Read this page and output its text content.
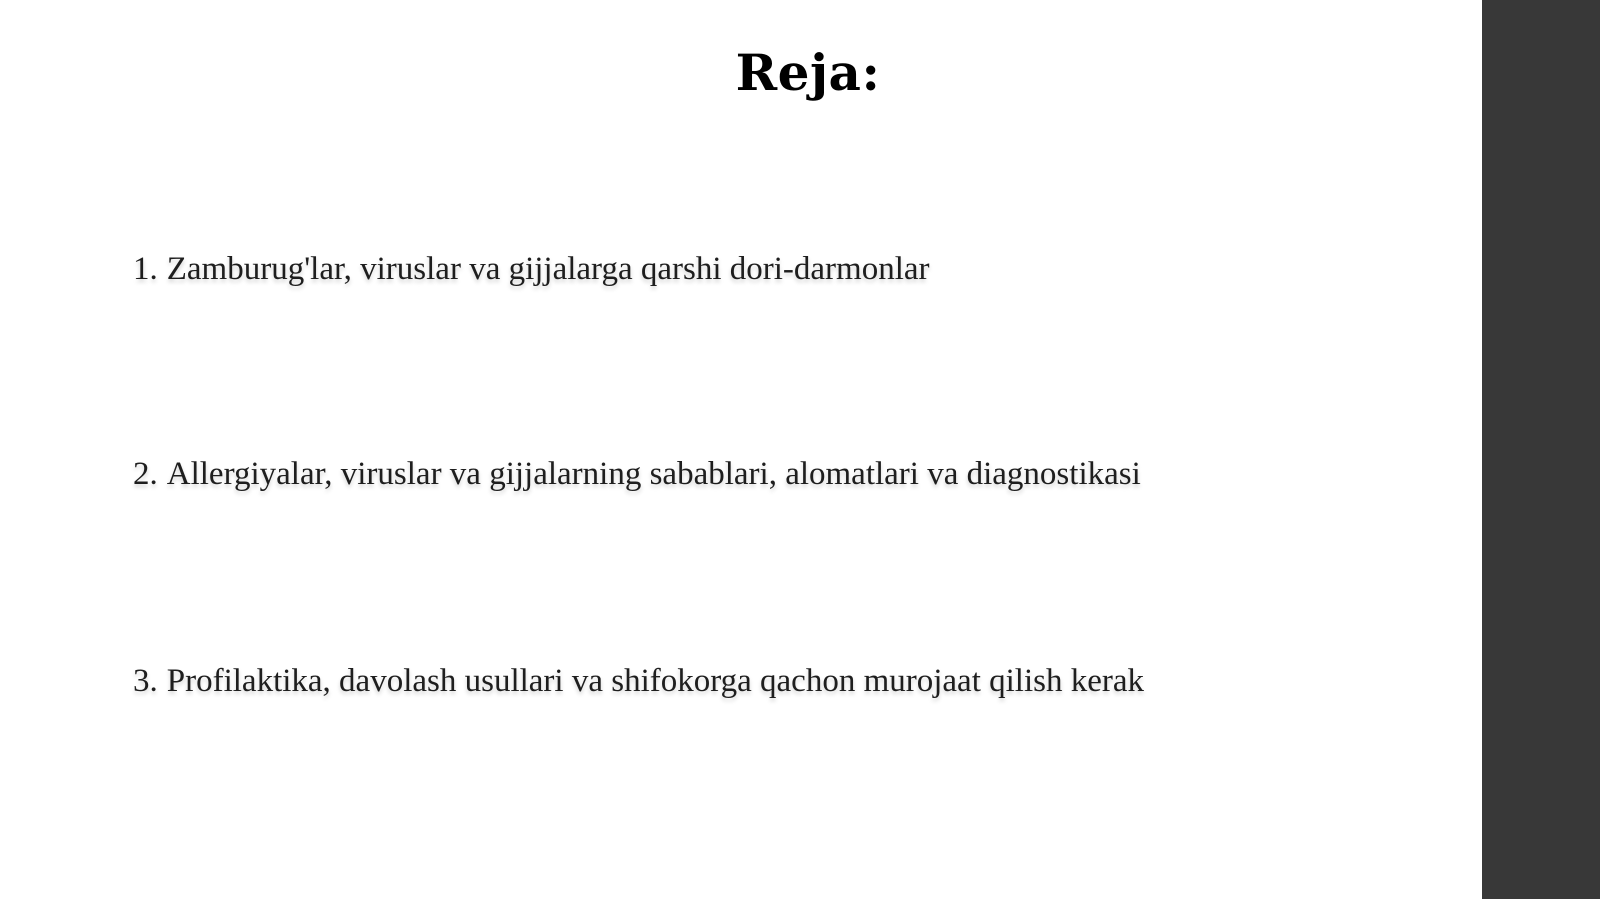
Reja:
1. Zamburug'lar, viruslar va gijjalarga qarshi dori-darmonlar
2. Allergiyalar, viruslar va gijjalarning sabablari, alomatlari va diagnostikasi
3. Profilaktika, davolash usullari va shifokorga qachon murojaat qilish kerak
